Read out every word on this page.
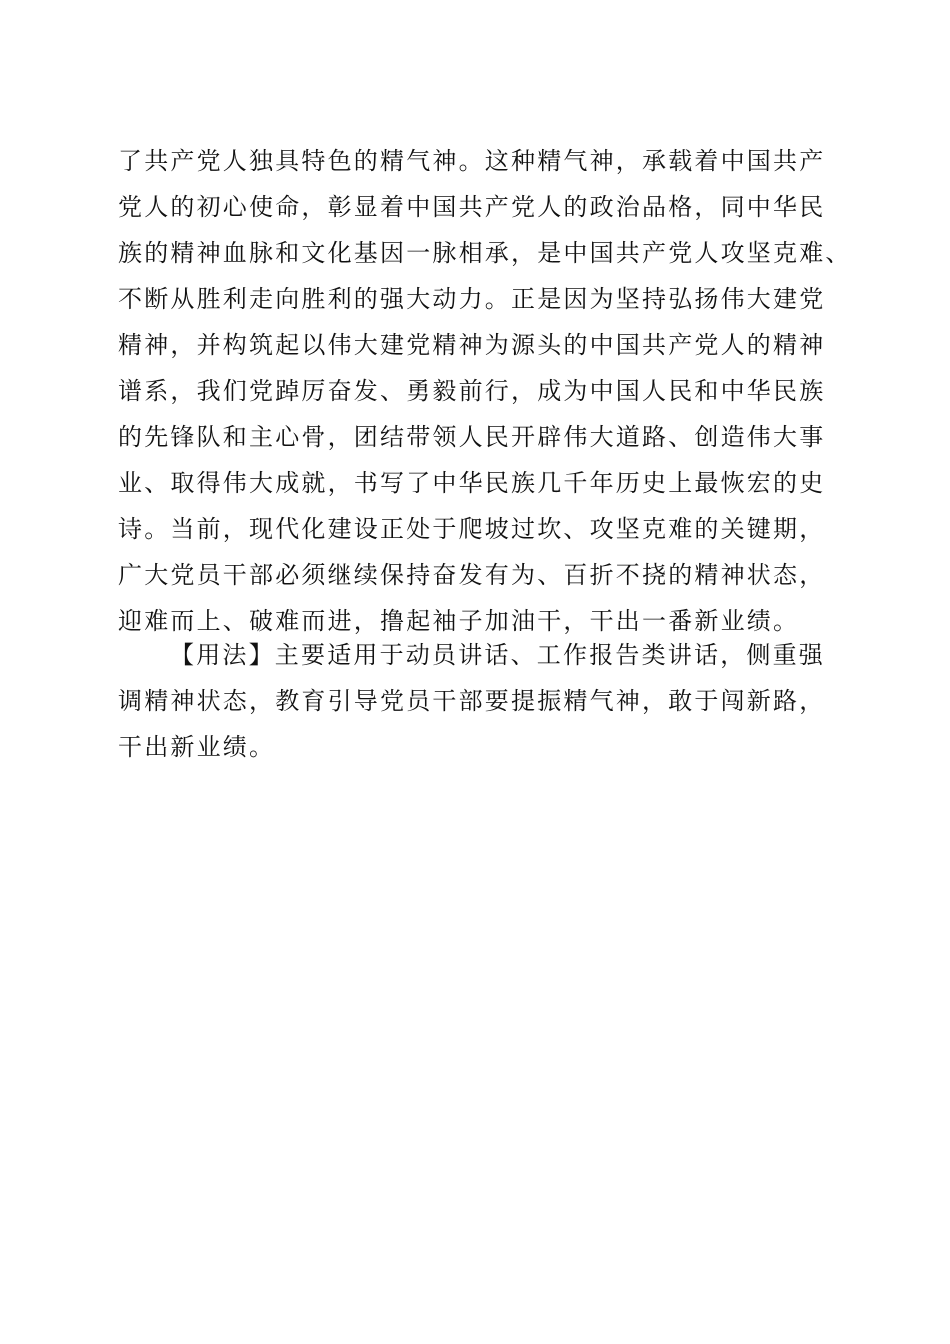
了共产党人独具特色的精气神。这种精气神，承载着中国共产
党人的初心使命，彰显着中国共产党人的政治品格，同中华民
族的精神血脉和文化基因一脉相承，是中国共产党人攻坚克难、
不断从胜利走向胜利的强大动力。正是因为坚持弘扬伟大建党
精神，并构筑起以伟大建党精神为源头的中国共产党人的精神
谱系，我们党踔厉奋发、勇毅前行，成为中国人民和中华民族
的先锋队和主心骨，团结带领人民开辟伟大道路、创造伟大事
业、取得伟大成就，书写了中华民族几千年历史上最恢宏的史
诗。当前，现代化建设正处于爬坡过坎、攻坚克难的关键期，
广大党员干部必须继续保持奋发有为、百折不挠的精神状态，
迎难而上、破难而进，撸起袖子加油干，干出一番新业绩。
【用法】主要适用于动员讲话、工作报告类讲话，侧重强
调精神状态，教育引导党员干部要提振精气神，敢于闯新路，
干出新业绩。
